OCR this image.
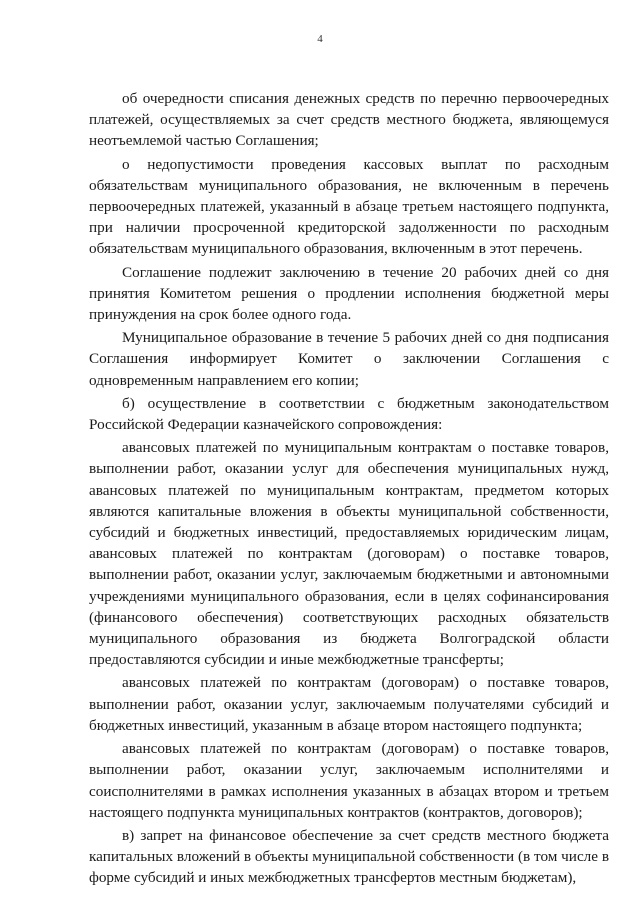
4

об очередности списания денежных средств по перечню первоочередных платежей, осуществляемых за счет средств местного бюджета, являющемуся неотъемлемой частью Соглашения;

о недопустимости проведения кассовых выплат по расходным обязательствам муниципального образования, не включенным в перечень первоочередных платежей, указанный в абзаце третьем настоящего подпункта, при наличии просроченной кредиторской задолженности по расходным обязательствам муниципального образования, включенным в этот перечень.

Соглашение подлежит заключению в течение 20 рабочих дней со дня принятия Комитетом решения о продлении исполнения бюджетной меры принуждения на срок более одного года.

Муниципальное образование в течение 5 рабочих дней со дня подписания Соглашения информирует Комитет о заключении Соглашения с одновременным направлением его копии;

б) осуществление в соответствии с бюджетным законодательством Российской Федерации казначейского сопровождения:

авансовых платежей по муниципальным контрактам о поставке товаров, выполнении работ, оказании услуг для обеспечения муниципальных нужд, авансовых платежей по муниципальным контрактам, предметом которых являются капитальные вложения в объекты муниципальной собственности, субсидий и бюджетных инвестиций, предоставляемых юридическим лицам, авансовых платежей по контрактам (договорам) о поставке товаров, выполнении работ, оказании услуг, заключаемым бюджетными и автономными учреждениями муниципального образования, если в целях софинансирования (финансового обеспечения) соответствующих расходных обязательств муниципального образования из бюджета Волгоградской области предоставляются субсидии и иные межбюджетные трансферты;

авансовых платежей по контрактам (договорам) о поставке товаров, выполнении работ, оказании услуг, заключаемым получателями субсидий и бюджетных инвестиций, указанным в абзаце втором настоящего подпункта;

авансовых платежей по контрактам (договорам) о поставке товаров, выполнении работ, оказании услуг, заключаемым исполнителями и соисполнителями в рамках исполнения указанных в абзацах втором и третьем настоящего подпункта муниципальных контрактов (контрактов, договоров);

в) запрет на финансовое обеспечение за счет средств местного бюджета капитальных вложений в объекты муниципальной собственности (в том числе в форме субсидий и иных межбюджетных трансфертов местным бюджетам),
